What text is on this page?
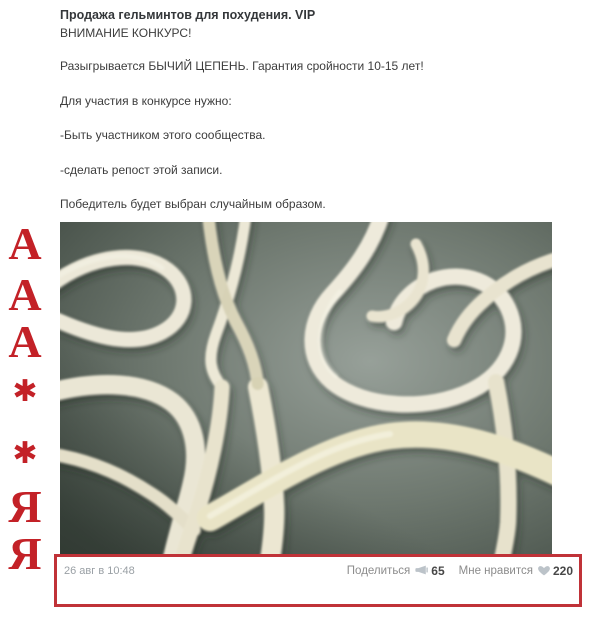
Продажа гельминтов для похудения. VIP
ВНИМАНИЕ КОНКУРС!
Разыгрывается БЫЧИЙ ЦЕПЕНЬ. Гарантия сройности 10-15 лет!
Для участия в конкурсе нужно:
-Быть участником этого сообщества.
-сделать репост этой записи.
Победитель будет выбран случайным образом.
А
А
А
✱
✱
Я
Я	26 авг в 10:48	Поделиться 65 Мне нравится 220
